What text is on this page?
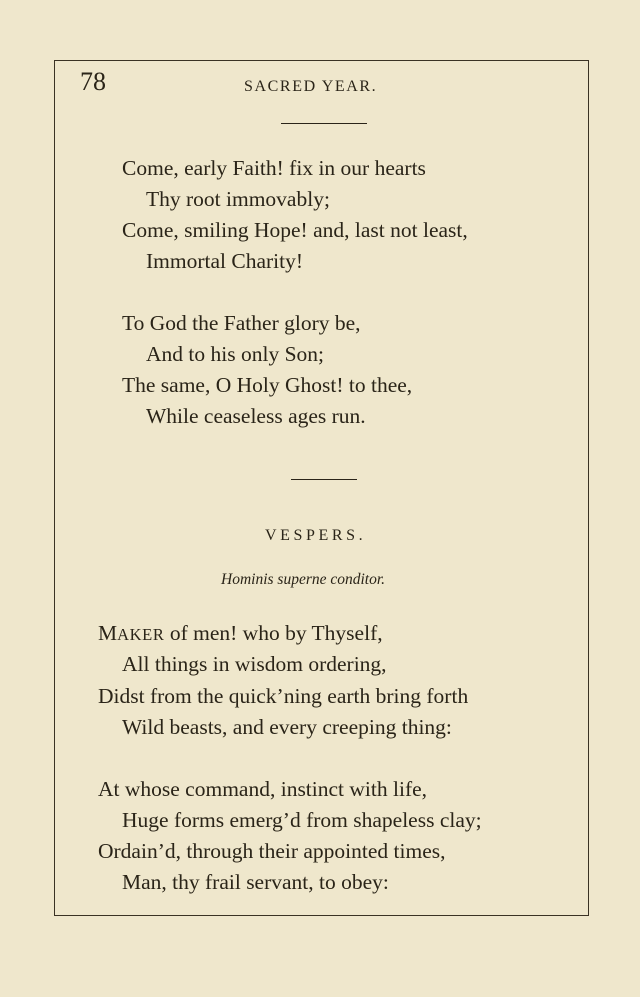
78	SACRED YEAR.
Come, early Faith! fix in our hearts
Thy root immovably;
Come, smiling Hope! and, last not least,
Immortal Charity!
To God the Father glory be,
And to his only Son;
The same, O Holy Ghost! to thee,
While ceaseless ages run.
VESPERS.
Hominis superne conditor.
MAKER of men! who by Thyself,
All things in wisdom ordering,
Didst from the quick’ning earth bring forth
Wild beasts, and every creeping thing:
At whose command, instinct with life,
Huge forms emerg’d from shapeless clay;
Ordain’d, through their appointed times,
Man, thy frail servant, to obey:
